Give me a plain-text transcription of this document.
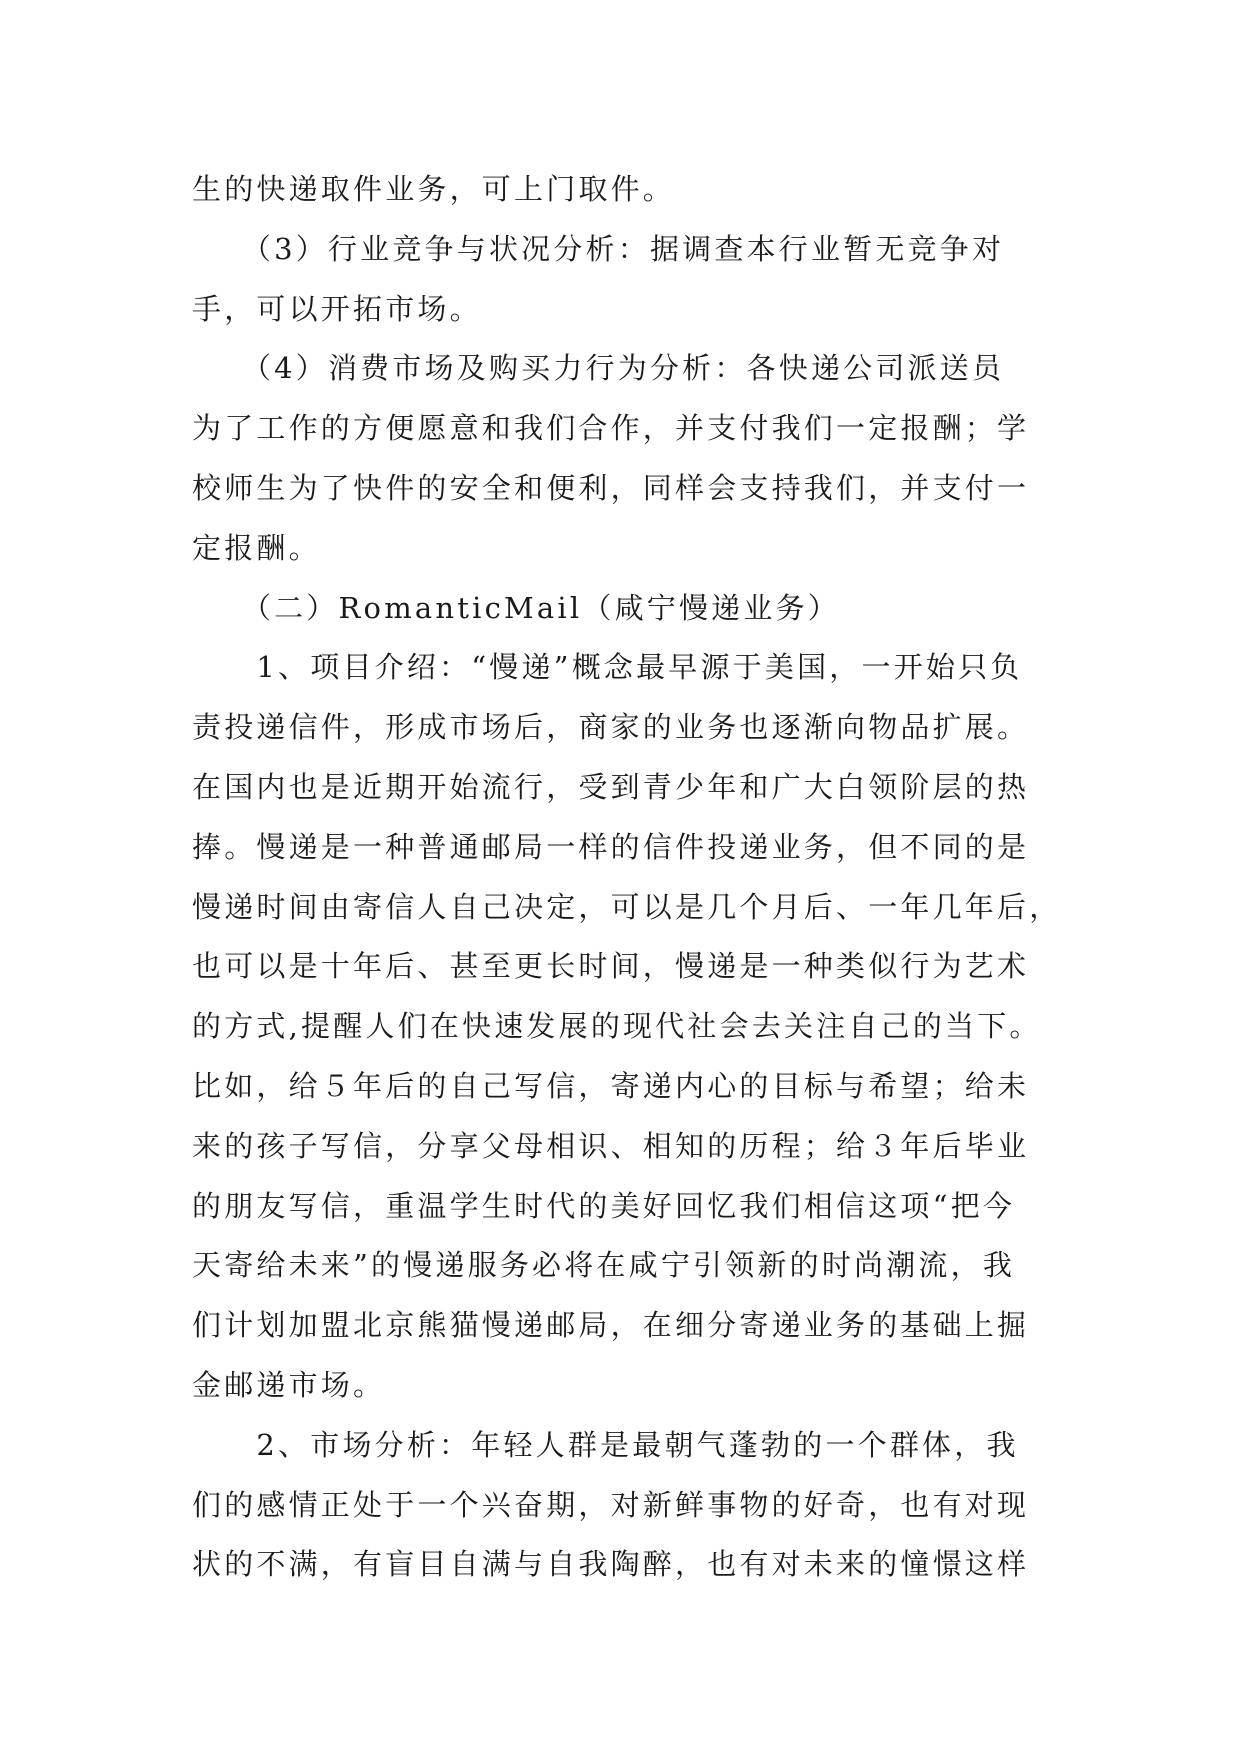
生的快递取件业务，可上门取件。
　　（3）行业竞争与状况分析：据调查本行业暂无竞争对
手，可以开拓市场。
　　（4）消费市场及购买力行为分析：各快递公司派送员
为了工作的方便愿意和我们合作，并支付我们一定报酬；学
校师生为了快件的安全和便利，同样会支持我们，并支付一
定报酬。
　　（二）RomanticMail（咸宁慢递业务）
　　1、项目介绍：“慢递”概念最早源于美国，一开始只负
责投递信件，形成市场后，商家的业务也逐渐向物品扩展。
在国内也是近期开始流行，受到青少年和广大白领阶层的热
捧。慢递是一种普通邮局一样的信件投递业务，但不同的是
慢递时间由寄信人自己决定，可以是几个月后、一年几年后，
也可以是十年后、甚至更长时间，慢递是一种类似行为艺术
的方式,提醒人们在快速发展的现代社会去关注自己的当下。
比如，给５年后的自己写信，寄递内心的目标与希望；给未
来的孩子写信，分享父母相识、相知的历程；给３年后毕业
的朋友写信，重温学生时代的美好回忆我们相信这项“把今
天寄给未来”的慢递服务必将在咸宁引领新的时尚潮流，我
们计划加盟北京熊猫慢递邮局，在细分寄递业务的基础上掘
金邮递市场。
　　2、市场分析：年轻人群是最朝气蓬勃的一个群体，我
们的感情正处于一个兴奋期，对新鲜事物的好奇，也有对现
状的不满，有盲目自满与自我陶醉，也有对未来的憧憬这样
